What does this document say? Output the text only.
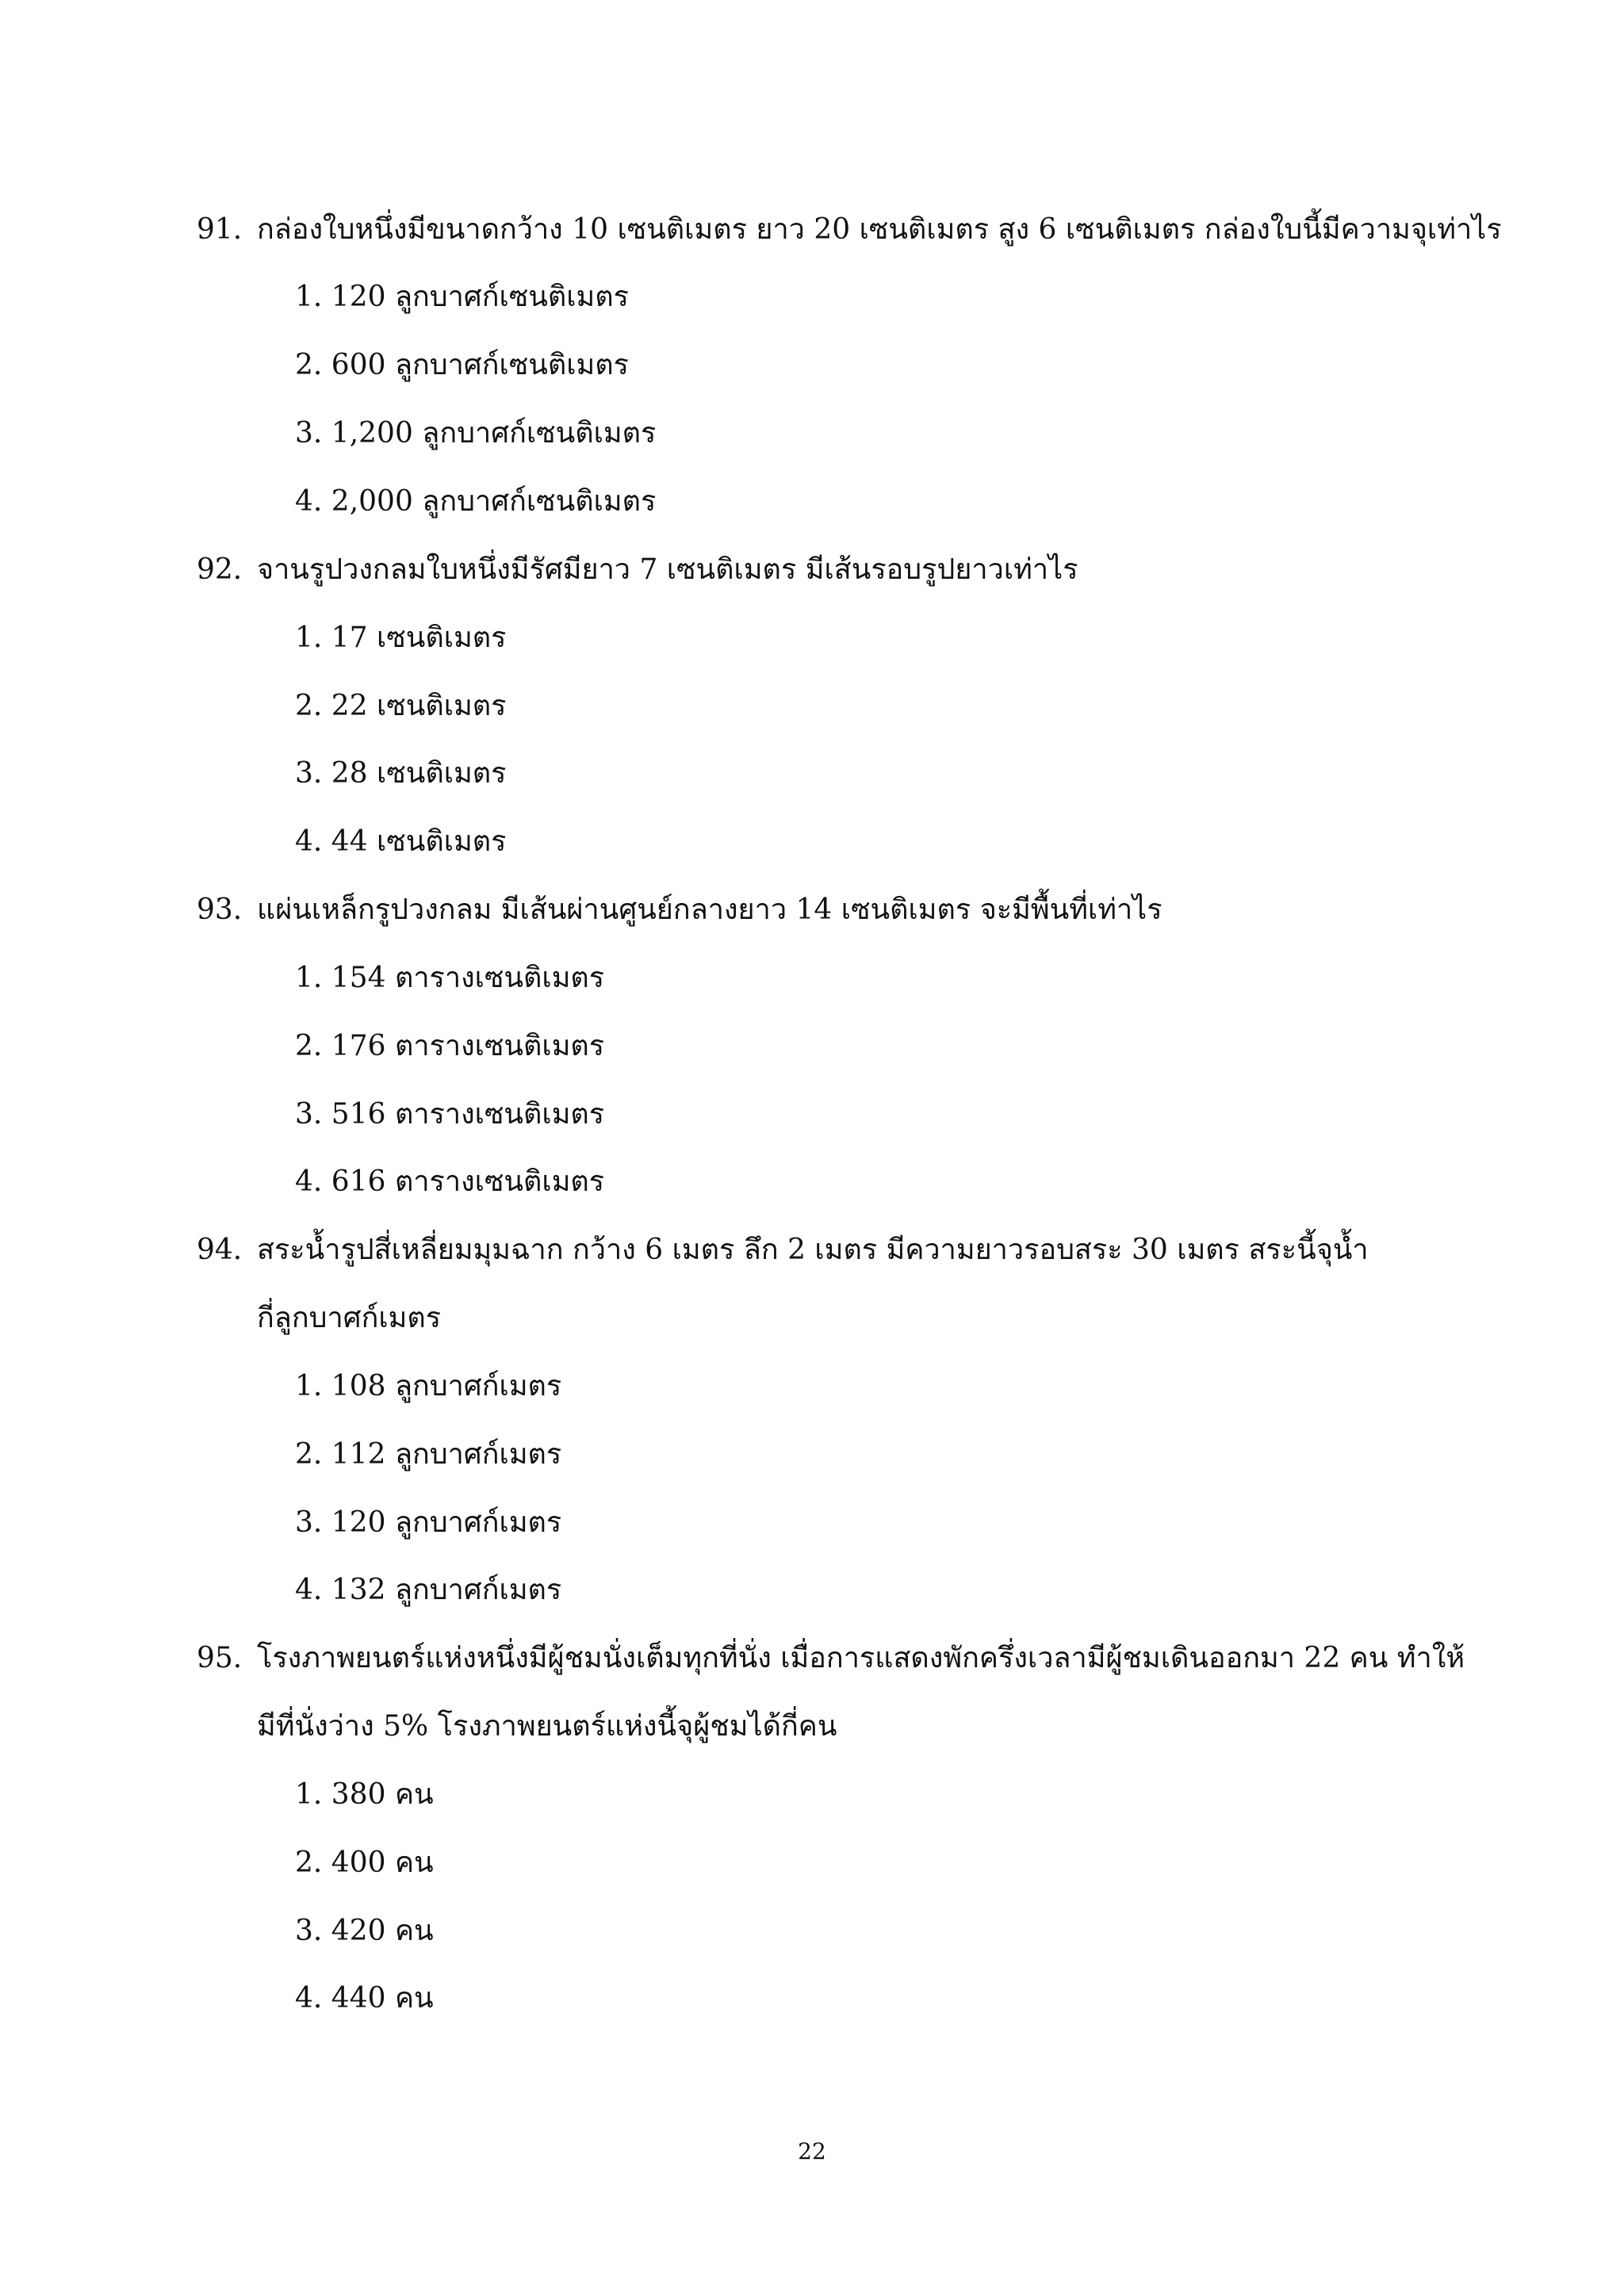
91. กล่องใบหนึ่งมีขนาดกว้าง 10 เซนติเมตร ยาว 20 เซนติเมตร สูง 6 เซนติเมตร กล่องใบนี้มีความจุเท่าไร
1. 120 ลูกบาศก์เซนติเมตร
2. 600 ลูกบาศก์เซนติเมตร
3. 1,200 ลูกบาศก์เซนติเมตร
4. 2,000 ลูกบาศก์เซนติเมตร
92. จานรูปวงกลมใบหนึ่งมีรัศมียาว 7 เซนติเมตร มีเส้นรอบรูปยาวเท่าไร
1. 17 เซนติเมตร
2. 22 เซนติเมตร
3. 28 เซนติเมตร
4. 44 เซนติเมตร
93. แผ่นเหล็กรูปวงกลม มีเส้นผ่านศูนย์กลางยาว 14 เซนติเมตร จะมีพื้นที่เท่าไร
1. 154 ตารางเซนติเมตร
2. 176 ตารางเซนติเมตร
3. 516 ตารางเซนติเมตร
4. 616 ตารางเซนติเมตร
94. สระน้ำรูปสี่เหลี่ยมมุมฉาก กว้าง 6 เมตร ลึก 2 เมตร มีความยาวรอบสระ 30 เมตร สระนี้จุน้ำ
กี่ลูกบาศก์เมตร
1. 108 ลูกบาศก์เมตร
2. 112 ลูกบาศก์เมตร
3. 120 ลูกบาศก์เมตร
4. 132 ลูกบาศก์เมตร
95. โรงภาพยนตร์แห่งหนึ่งมีผู้ชมนั่งเต็มทุกที่นั่ง เมื่อการแสดงพักครึ่งเวลามีผู้ชมเดินออกมา 22 คน ทำให้
มีที่นั่งว่าง 5% โรงภาพยนตร์แห่งนี้จุผู้ชมได้กี่คน
1. 380 คน
2. 400 คน
3. 420 คน
4. 440 คน
22
